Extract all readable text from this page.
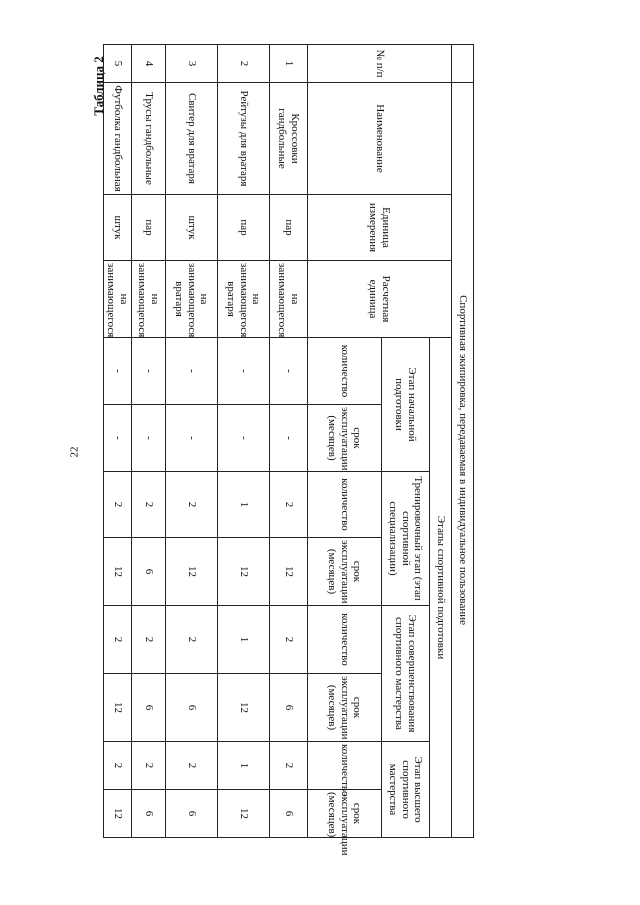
22
Таблица 2
	Спортивная экипировка, передаваемая в индивидуальное пользование										
№ п/п	Наименование	Единица измерения	Расчетная единица	Этапы спортивной подготовки							
				Этап начальной подготовки		Тренировочный этап (этап спортивной специализации)		Этап совершенствования спортивного мастерства		Этап высшего спортивного мастерства	
				количество	срок эксплуатации (месяцев)	количество	срок эксплуатации (месяцев)	количество	срок эксплуатации (месяцев)	количество	срок эксплуатации (месяцев)
1	Кроссовки гандбольные	пар	на занимающегося	-	-	2	12	2	6	2	6
2	Рейтузы для вратаря	пар	на занимающегося вратаря	-	-	1	12	1	12	1	12
3	Свитер для вратаря	штук	на занимающегося вратаря	-	-	2	12	2	6	2	6
4	Трусы гандбольные	пар	на занимающегося	-	-	2	6	2	6	2	6
5	Футболка гандбольная	штук	на занимающегося	-	-	2	12	2	12	2	12
